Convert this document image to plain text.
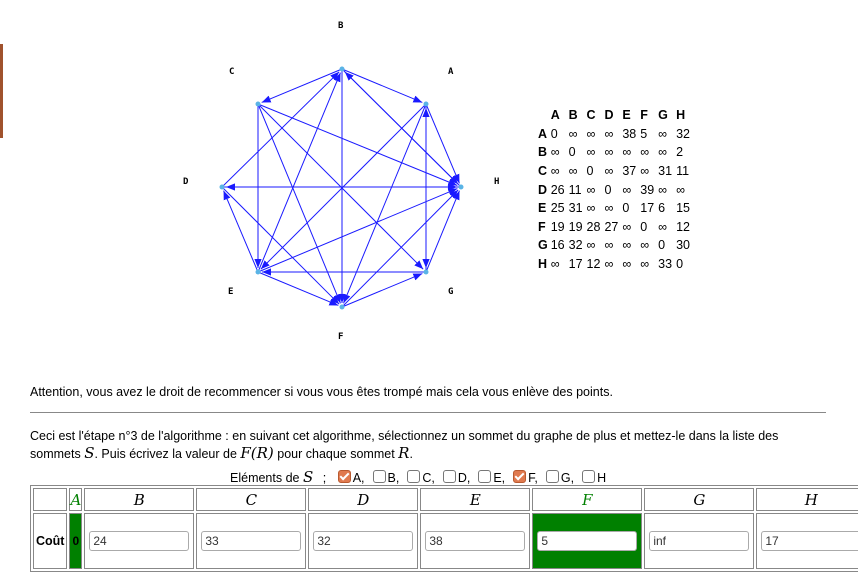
A
B
C
D
E
F
G
H
	A	B	C	D	E	F	G	H
A	0	∞	∞	∞	38	5	∞	32
B	∞	0	∞	∞	∞	∞	∞	2
C	∞	∞	0	∞	37	∞	31	11
D	26	11	∞	0	∞	39	∞	∞
E	25	31	∞	∞	0	17	6	15
F	19	19	28	27	∞	0	∞	12
G	16	32	∞	∞	∞	∞	0	30
H	∞	17	12	∞	∞	∞	33	0
Attention, vous avez le droit de recommencer si vous vous êtes trompé mais cela vous enlève des points.
Ceci est l'étape n°3 de l'algorithme : en suivant cet algorithme, sélectionnez un sommet du graphe de plus et mettez-le dans la liste des sommets S. Puis écrivez la valeur de F(R) pour chaque sommet R.
Eléments de S ; A, B, C, D, E, F, G, H
	A	B	C	D	E	F	G	H
Coût	0	24	33	32	38	5	inf	17
